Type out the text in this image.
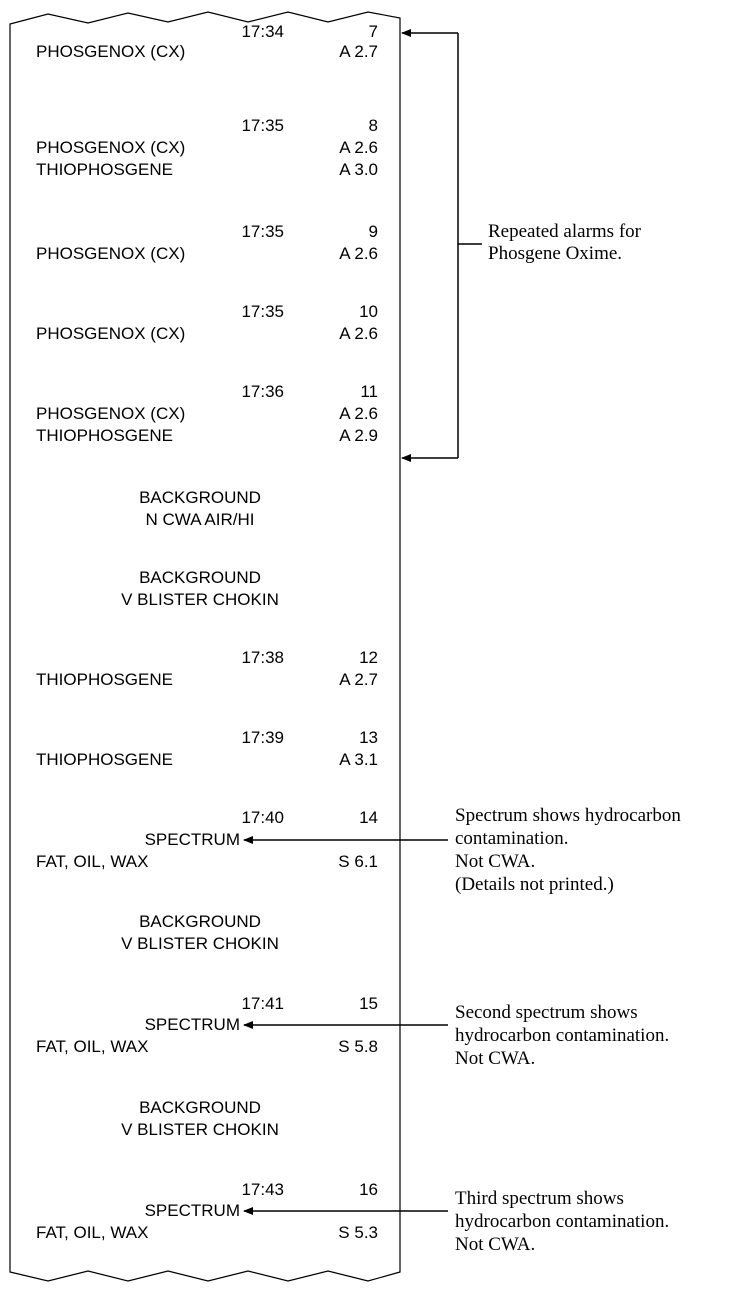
17:34	7
PHOSGENOX (CX)	A 2.7
17:35	8
PHOSGENOX (CX)	A 2.6
THIOPHOSGENE	A 3.0
17:35	9
PHOSGENOX (CX)	A 2.6
17:35	10
PHOSGENOX (CX)	A 2.6
17:36	11
PHOSGENOX (CX)	A 2.6
THIOPHOSGENE	A 2.9
BACKGROUND
N CWA AIR/HI
BACKGROUND
V BLISTER CHOKIN
17:38	12
THIOPHOSGENE	A 2.7
17:39	13
THIOPHOSGENE	A 3.1
17:40	14
SPECTRUM
FAT, OIL, WAX	S 6.1
BACKGROUND
V BLISTER CHOKIN
17:41	15
SPECTRUM
FAT, OIL, WAX	S 5.8
BACKGROUND
V BLISTER CHOKIN
17:43	16
SPECTRUM
FAT, OIL, WAX	S 5.3
Repeated alarms for
Phosgene Oxime.
Spectrum shows hydrocarbon
contamination.
Not CWA.
(Details not printed.)
Second spectrum shows
hydrocarbon contamination.
Not CWA.
Third spectrum shows
hydrocarbon contamination.
Not CWA.
